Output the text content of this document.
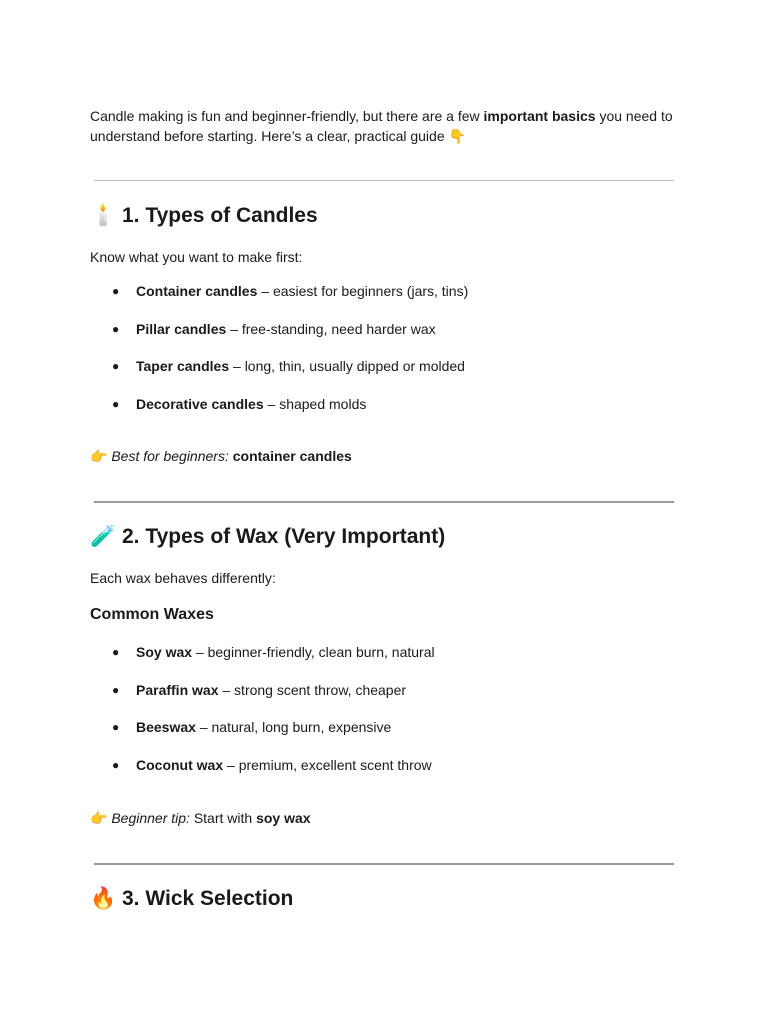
Candle making is fun and beginner-friendly, but there are a few important basics you need to understand before starting. Here’s a clear, practical guide 👇

🕯️ 1. Types of Candles

Know what you want to make first:

● Container candles – easiest for beginners (jars, tins)
● Pillar candles – free-standing, need harder wax
● Taper candles – long, thin, usually dipped or molded
● Decorative candles – shaped molds

👉 Best for beginners: container candles

🧪 2. Types of Wax (Very Important)

Each wax behaves differently:

Common Waxes
● Soy wax – beginner-friendly, clean burn, natural
● Paraffin wax – strong scent throw, cheaper
● Beeswax – natural, long burn, expensive
● Coconut wax – premium, excellent scent throw

👉 Beginner tip: Start with soy wax

🔥 3. Wick Selection
